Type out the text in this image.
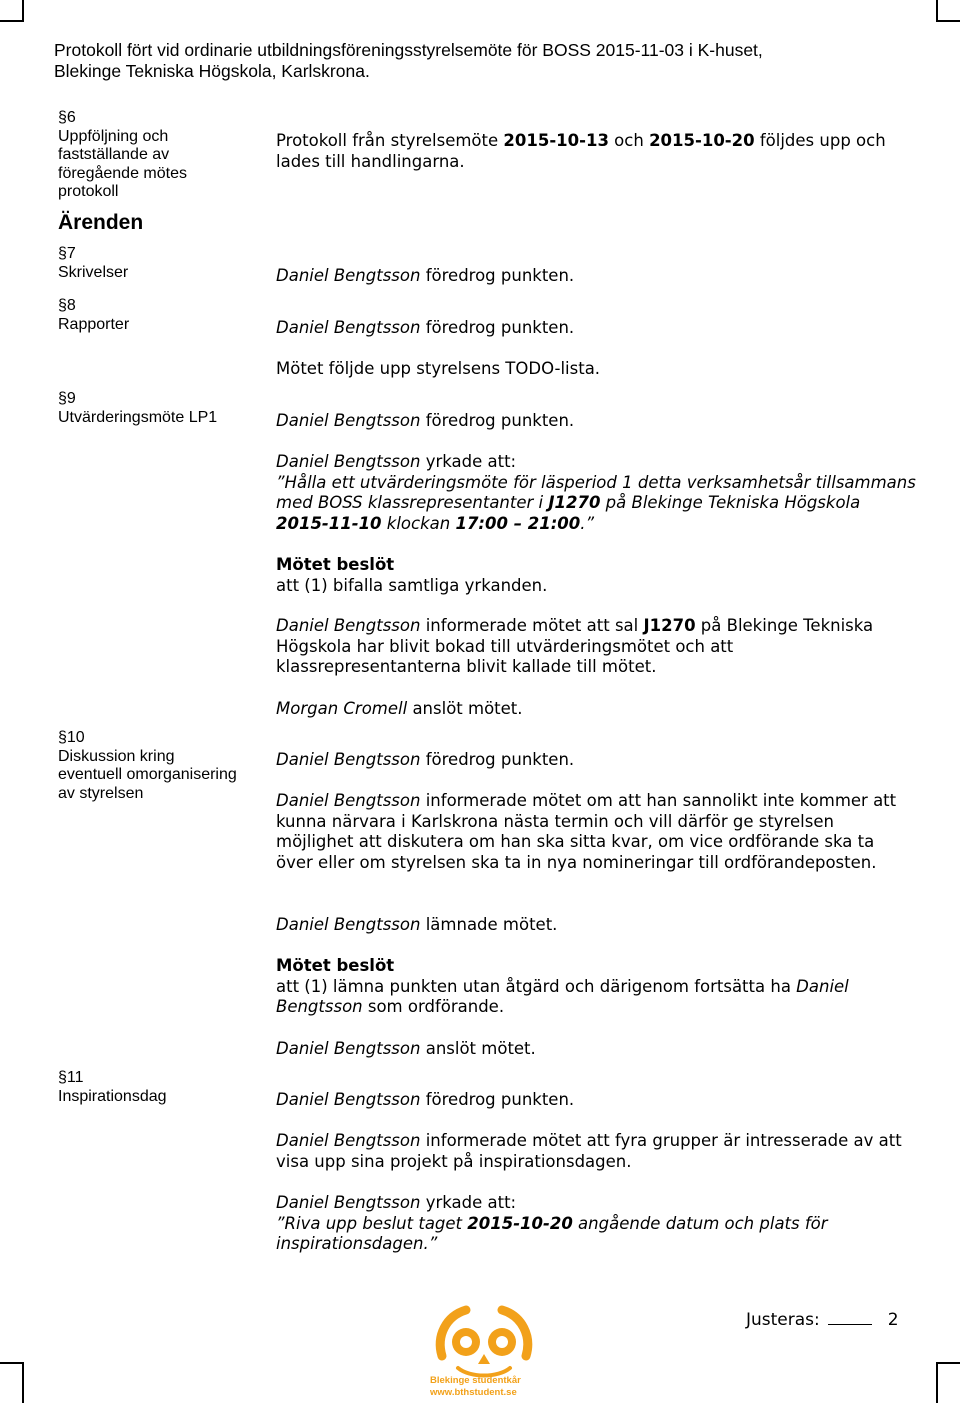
Protokoll fört vid ordinarie utbildningsföreningsstyrelsemöte för BOSS 2015-11-03 i K-huset,
Blekinge Tekniska Högskola, Karlskrona.
§6
Uppföljning och
fastställande av
föregående mötes
protokoll
Ärenden
§7
Skrivelser
§8
Rapporter
§9
Utvärderingsmöte LP1
§10
Diskussion kring
eventuell omorganisering
av styrelsen
§11
Inspirationsdag
Protokoll från styrelsemöte 2015-10-13 och 2015-10-20 följdes upp och lades till handlingarna.
Daniel Bengtsson föredrog punkten.
Daniel Bengtsson föredrog punkten.
Mötet följde upp styrelsens TODO-lista.
Daniel Bengtsson föredrog punkten.
Daniel Bengtsson yrkade att:
”Hålla ett utvärderingsmöte för läsperiod 1 detta verksamhetsår tillsammans med BOSS klassrepresentanter i J1270 på Blekinge Tekniska Högskola 2015-11-10 klockan 17:00 – 21:00.”
Mötet beslöt
att (1) bifalla samtliga yrkanden.
Daniel Bengtsson informerade mötet att sal J1270 på Blekinge Tekniska Högskola har blivit bokad till utvärderingsmötet och att klassrepresentanterna blivit kallade till mötet.
Morgan Cromell anslöt mötet.
Daniel Bengtsson föredrog punkten.
Daniel Bengtsson informerade mötet om att han sannolikt inte kommer att kunna närvara i Karlskrona nästa termin och vill därför ge styrelsen möjlighet att diskutera om han ska sitta kvar, om vice ordförande ska ta över eller om styrelsen ska ta in nya nomineringar till ordförandeposten.
Daniel Bengtsson lämnade mötet.
Mötet beslöt
att (1) lämna punkten utan åtgärd och därigenom fortsätta ha Daniel Bengtsson som ordförande.
Daniel Bengtsson anslöt mötet.
Daniel Bengtsson föredrog punkten.
Daniel Bengtsson informerade mötet att fyra grupper är intresserade av att visa upp sina projekt på inspirationsdagen.
Daniel Bengtsson yrkade att:
”Riva upp beslut taget 2015-10-20 angående datum och plats för inspirationsdagen.”
Justeras:	2
Blekinge studentkår
www.bthstudent.se
